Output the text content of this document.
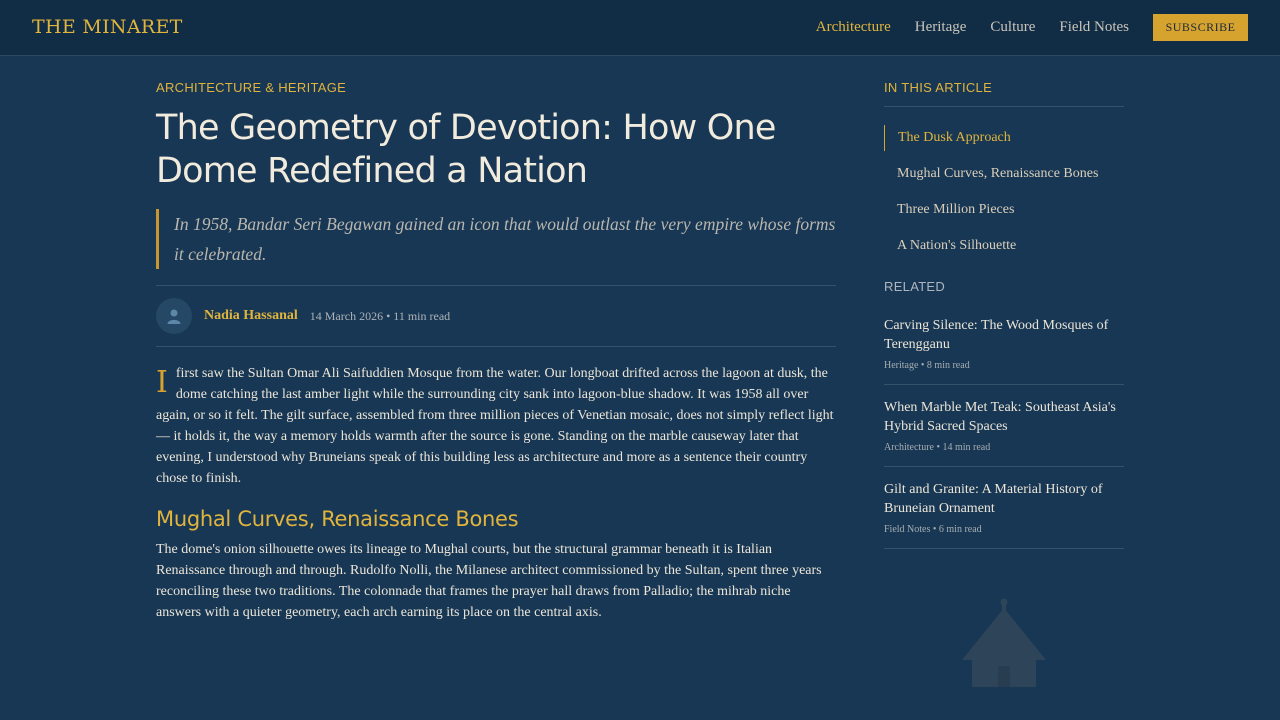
THE MINARET	Architecture Heritage Culture Field Notes	SUBSCRIBE
ARCHITECTURE & HERITAGE
The Geometry of Devotion: How One Dome Redefined a Nation

In 1958, Bandar Seri Begawan gained an icon that would outlast the very empire whose forms it celebrated.

Nadia Hassanal 14 March 2026 • 11 min read

I first saw the Sultan Omar Ali Saifuddien Mosque from the water. Our longboat drifted across the lagoon at dusk, the dome catching the last amber light while the surrounding city sank into lagoon-blue shadow. It was 1958 all over again, or so it felt. The gilt surface, assembled from three million pieces of Venetian mosaic, does not simply reflect light — it holds it, the way a memory holds warmth after the source is gone. Standing on the marble causeway later that evening, I understood why Bruneians speak of this building less as architecture and more as a sentence their country chose to finish.

Mughal Curves, Renaissance Bones

The dome's onion silhouette owes its lineage to Mughal courts, but the structural grammar beneath it is Italian Renaissance through and through. Rudolfo Nolli, the Milanese architect commissioned by the Sultan, spent three years reconciling these two traditions. The colonnade that frames the prayer hall draws from Palladio; the mihrab niche answers with a quieter geometry, each arch earning its place on the central axis.

IN THIS ARTICLE
The Dusk Approach
Mughal Curves, Renaissance Bones
Three Million Pieces
A Nation's Silhouette
RELATED
Carving Silence: The Wood Mosques of Terengganu
Heritage • 8 min read
When Marble Met Teak: Southeast Asia's Hybrid Sacred Spaces
Architecture • 14 min read
Gilt and Granite: A Material History of Bruneian Ornament
Field Notes • 6 min read
